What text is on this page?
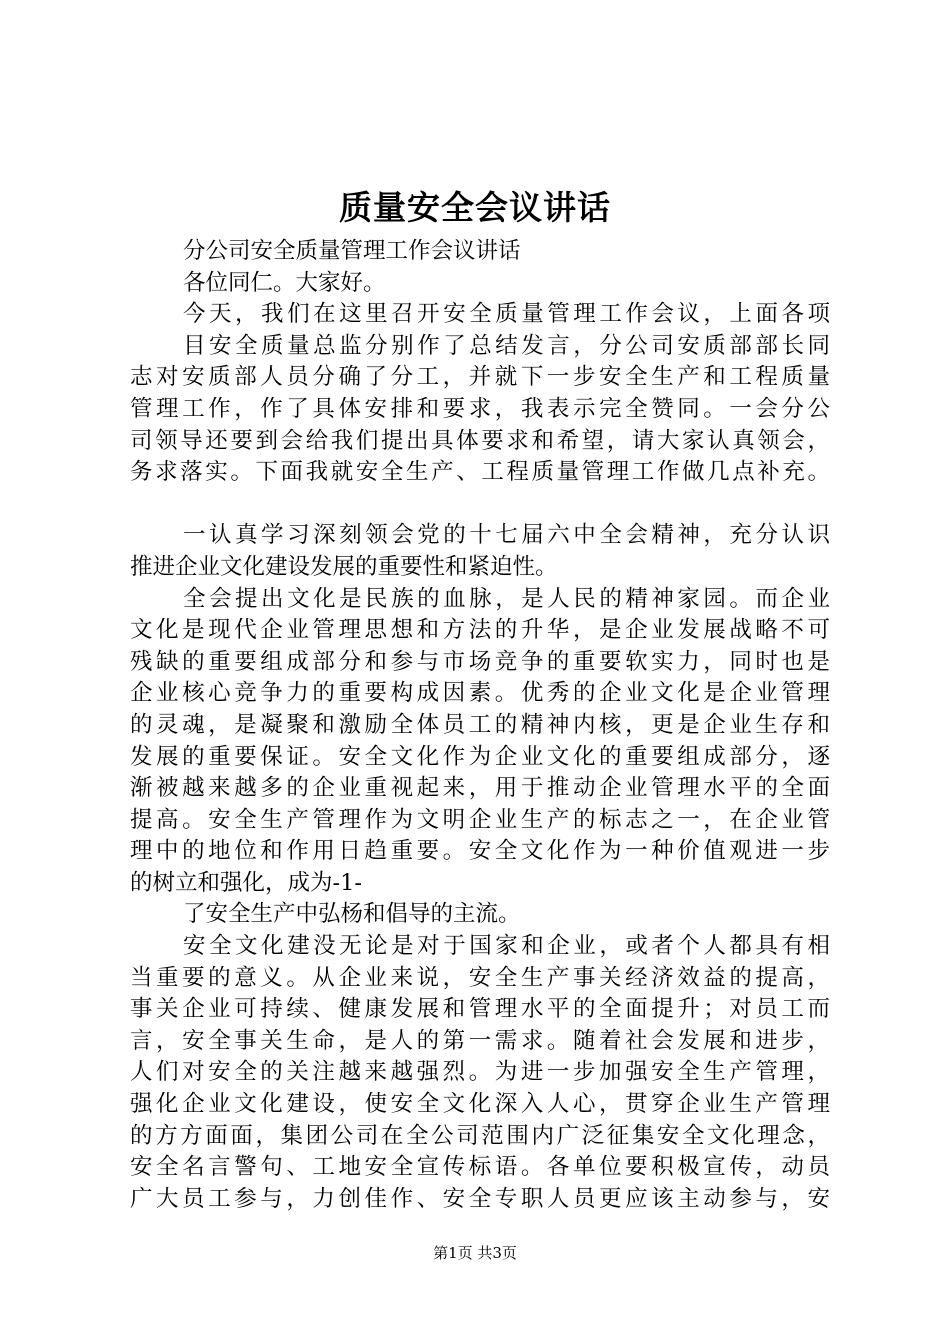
质量安全会议讲话
分公司安全质量管理工作会议讲话
各位同仁。大家好。
今天，我们在这里召开安全质量管理工作会议，上面各项
目安全质量总监分别作了总结发言，分公司安质部部长同
志对安质部人员分确了分工，并就下一步安全生产和工程质量
管理工作，作了具体安排和要求，我表示完全赞同。一会分公
司领导还要到会给我们提出具体要求和希望，请大家认真领会，
务求落实。下面我就安全生产、工程质量管理工作做几点补充。
一认真学习深刻领会党的十七届六中全会精神，充分认识
推进企业文化建设发展的重要性和紧迫性。
全会提出文化是民族的血脉，是人民的精神家园。而企业
文化是现代企业管理思想和方法的升华，是企业发展战略不可
残缺的重要组成部分和参与市场竞争的重要软实力，同时也是
企业核心竞争力的重要构成因素。优秀的企业文化是企业管理
的灵魂，是凝聚和激励全体员工的精神内核，更是企业生存和
发展的重要保证。安全文化作为企业文化的重要组成部分，逐
渐被越来越多的企业重视起来，用于推动企业管理水平的全面
提高。安全生产管理作为文明企业生产的标志之一，在企业管
理中的地位和作用日趋重要。安全文化作为一种价值观进一步
的树立和强化，成为-1-
了安全生产中弘杨和倡导的主流。
安全文化建没无论是对于国家和企业，或者个人都具有相
当重要的意义。从企业来说，安全生产事关经济效益的提高，
事关企业可持续、健康发展和管理水平的全面提升；对员工而
言，安全事关生命，是人的第一需求。随着社会发展和进步，
人们对安全的关注越来越强烈。为进一步加强安全生产管理，
强化企业文化建设，使安全文化深入人心，贯穿企业生产管理
的方方面面，集团公司在全公司范围内广泛征集安全文化理念，
安全名言警句、工地安全宣传标语。各单位要积极宣传，动员
广大员工参与，力创佳作、安全专职人员更应该主动参与，安
第1页 共3页
